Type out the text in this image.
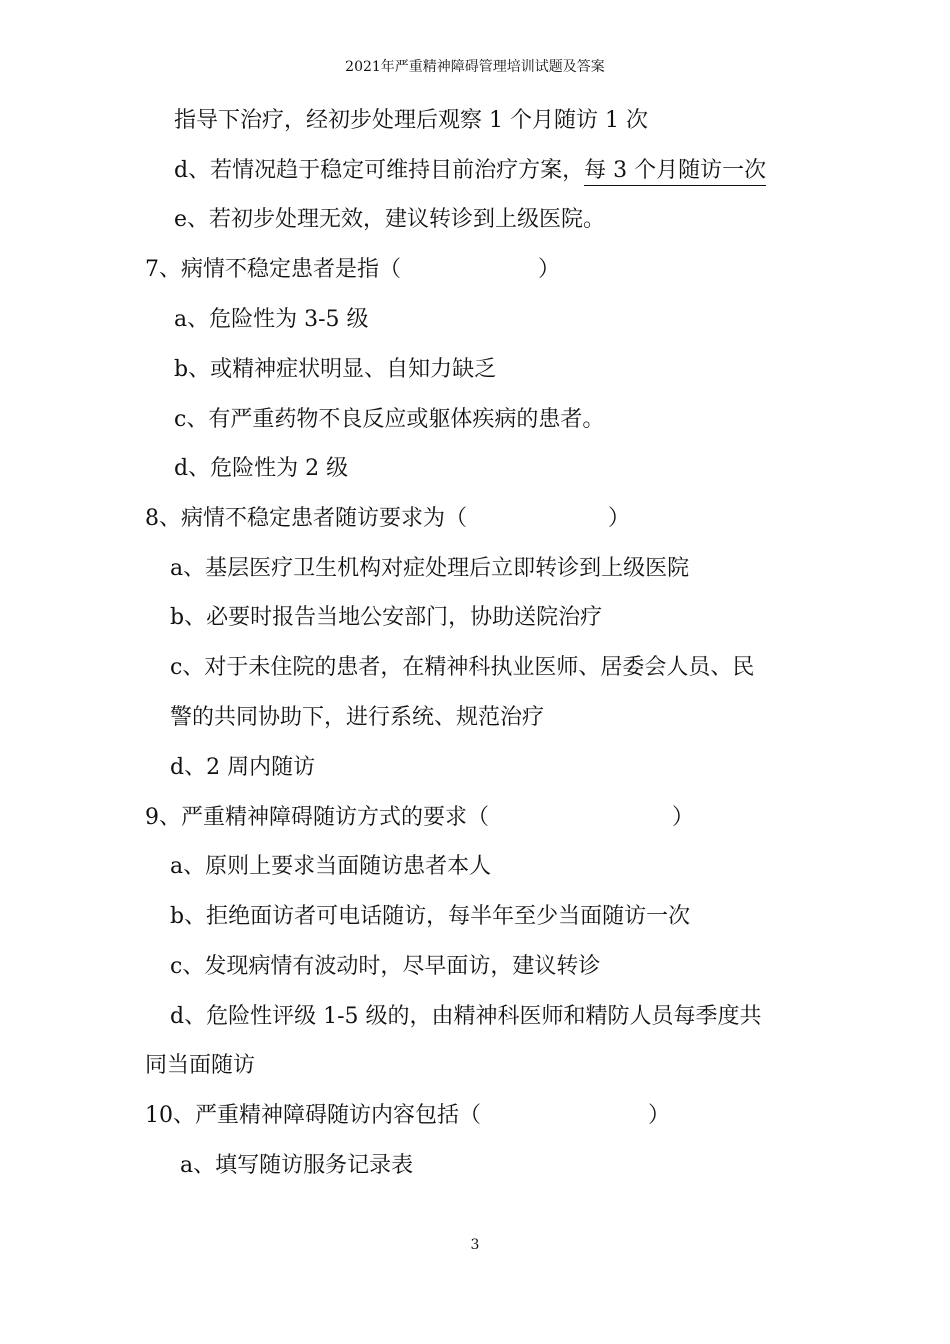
2021年严重精神障碍管理培训试题及答案
指导下治疗，经初步处理后观察 1 个月随访 1 次
d、若情况趋于稳定可维持目前治疗方案，每 3 个月随访一次
e、若初步处理无效，建议转诊到上级医院。
7、病情不稳定患者是指（	）
a、危险性为 3-5 级
b、或精神症状明显、自知力缺乏
c、有严重药物不良反应或躯体疾病的患者。
d、危险性为 2 级
8、病情不稳定患者随访要求为（	）
a、基层医疗卫生机构对症处理后立即转诊到上级医院
b、必要时报告当地公安部门，协助送院治疗
c、对于未住院的患者，在精神科执业医师、居委会人员、民
警的共同协助下，进行系统、规范治疗
d、2 周内随访
9、严重精神障碍随访方式的要求（	）
a、原则上要求当面随访患者本人
b、拒绝面访者可电话随访，每半年至少当面随访一次
c、发现病情有波动时，尽早面访，建议转诊
d、危险性评级 1-5 级的，由精神科医师和精防人员每季度共
同当面随访
10、严重精神障碍随访内容包括（	）
a、填写随访服务记录表
3
